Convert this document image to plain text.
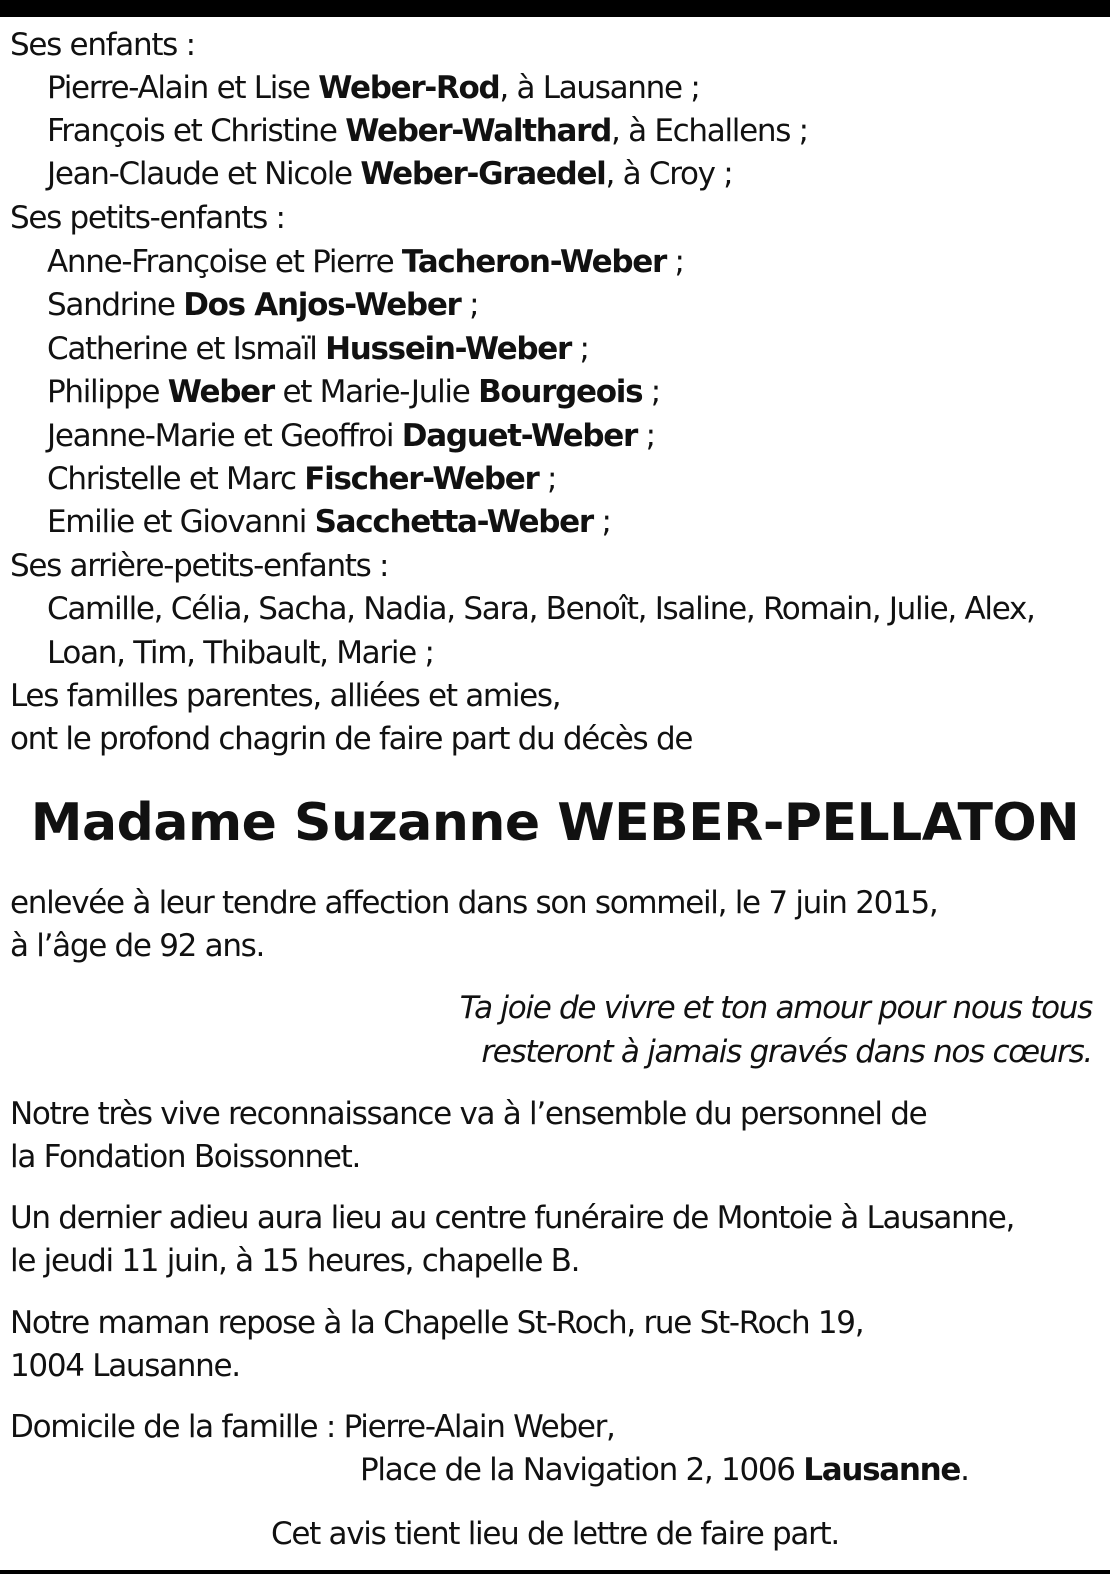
Ses enfants :
Pierre-Alain et Lise Weber-Rod, à Lausanne ;
François et Christine Weber-Walthard, à Echallens ;
Jean-Claude et Nicole Weber-Graedel, à Croy ;
Ses petits-enfants :
Anne-Françoise et Pierre Tacheron-Weber ;
Sandrine Dos Anjos-Weber ;
Catherine et Ismaïl Hussein-Weber ;
Philippe Weber et Marie-Julie Bourgeois ;
Jeanne-Marie et Geoffroi Daguet-Weber ;
Christelle et Marc Fischer-Weber ;
Emilie et Giovanni Sacchetta-Weber ;
Ses arrière-petits-enfants :
Camille, Célia, Sacha, Nadia, Sara, Benoît, Isaline, Romain, Julie, Alex,
Loan, Tim, Thibault, Marie ;
Les familles parentes, alliées et amies,
ont le profond chagrin de faire part du décès de
Madame Suzanne WEBER-PELLATON
enlevée à leur tendre affection dans son sommeil, le 7 juin 2015,
à l’âge de 92 ans.
Ta joie de vivre et ton amour pour nous tous
resteront à jamais gravés dans nos cœurs.
Notre très vive reconnaissance va à l’ensemble du personnel de
la Fondation Boissonnet.
Un dernier adieu aura lieu au centre funéraire de Montoie à Lausanne,
le jeudi 11 juin, à 15 heures, chapelle B.
Notre maman repose à la Chapelle St-Roch, rue St-Roch 19,
1004 Lausanne.
Domicile de la famille : Pierre-Alain Weber,
Place de la Navigation 2, 1006 Lausanne.
Cet avis tient lieu de lettre de faire part.
